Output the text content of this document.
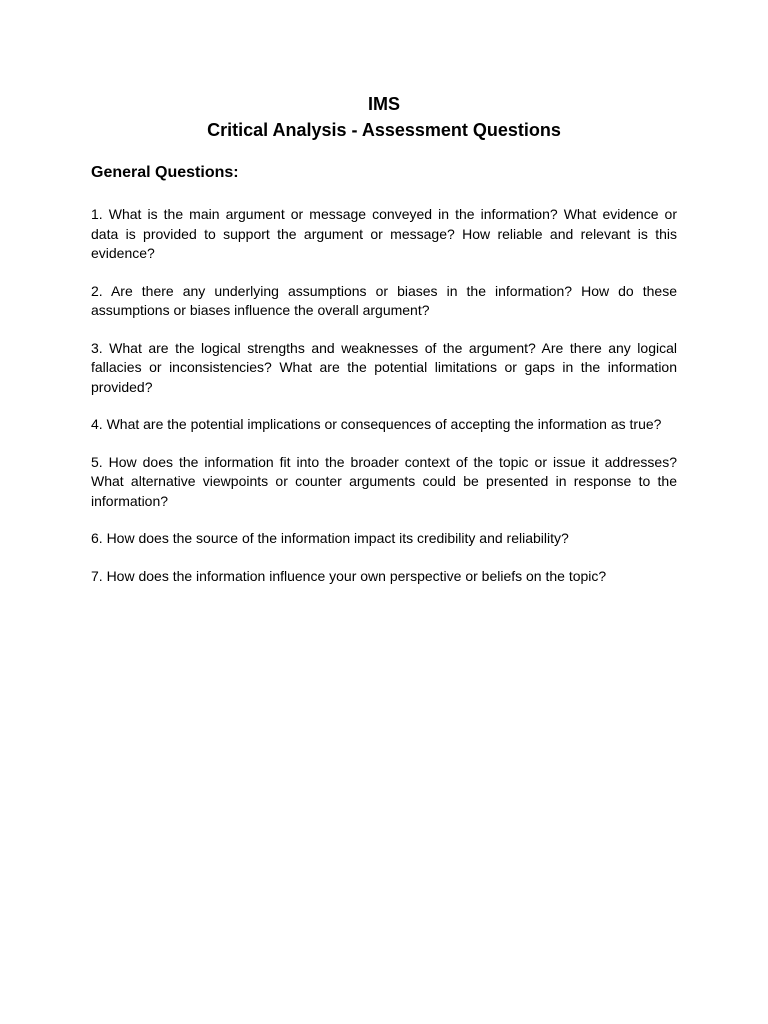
IMS
Critical Analysis - Assessment Questions
General Questions:
1. What is the main argument or message conveyed in the information? What evidence or data is provided to support the argument or message? How reliable and relevant is this evidence?
2. Are there any underlying assumptions or biases in the information? How do these assumptions or biases influence the overall argument?
3. What are the logical strengths and weaknesses of the argument? Are there any logical fallacies or inconsistencies? What are the potential limitations or gaps in the information provided?
4. What are the potential implications or consequences of accepting the information as true?
5. How does the information fit into the broader context of the topic or issue it addresses? What alternative viewpoints or counter arguments could be presented in response to the information?
6. How does the source of the information impact its credibility and reliability?
7. How does the information influence your own perspective or beliefs on the topic?
